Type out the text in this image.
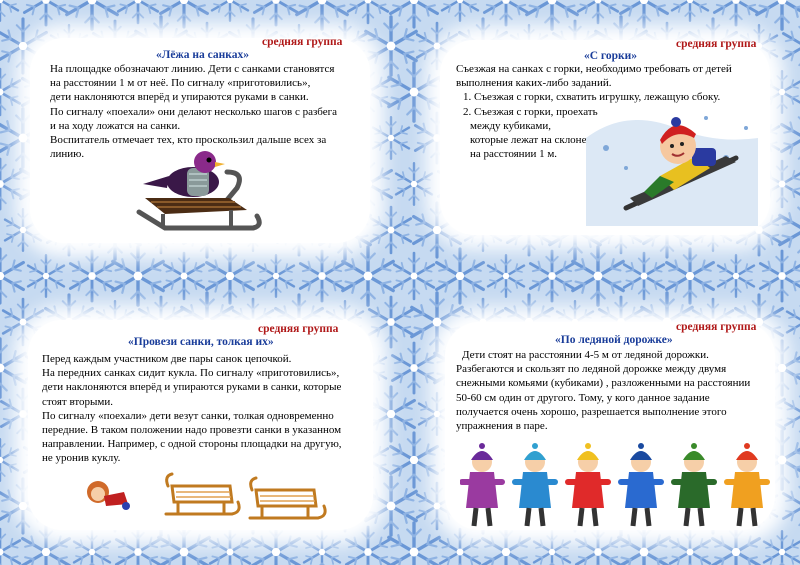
средняя группа
«Лёжа на санках»

На площадке обозначают линию. Дети с санками становятся

на расстоянии 1 м от неё. По сигналу «приготовились»,

дети наклоняются вперёд и упираются руками в санки.

По сигналу «поехали» они делают несколько шагов с разбега

и на ходу ложатся на санки.

Воспитатель отмечает тех, кто проскользил дальше всех за

линию.

средняя группа
«С горки»

Съезжая на санках с горки, необходимо требовать от детей

выполнения каких-либо заданий.

1. Съезжая с горки, схватить игрушку, лежащую сбоку.
2. Съезжая с горки, проехать

между кубиками,

которые лежат на склоне

на расстоянии 1 м.

средняя группа
«Провези санки, толкая их»

Перед каждым участником две пары санок цепочкой.

На передних санках сидит кукла. По сигналу «приготовились»,

дети наклоняются вперёд и упираются руками в санки, которые

стоят вторыми.

По сигналу «поехали» дети везут санки, толкая одновременно

передние. В таком положении надо провезти санки в указанном

направлении. Например, с одной стороны площадки на другую,

не уронив куклу.

средняя группа
«По ледяной дорожке»

Дети стоят на расстоянии 4-5 м от ледяной дорожки.

Разбегаются и скользят по ледяной дорожке между двумя

снежными комьями (кубиками) , разложенными на расстоянии

50-60 см один от другого. Тому, у кого данное задание

получается очень хорошо, разрешается выполнение этого

упражнения в паре.
